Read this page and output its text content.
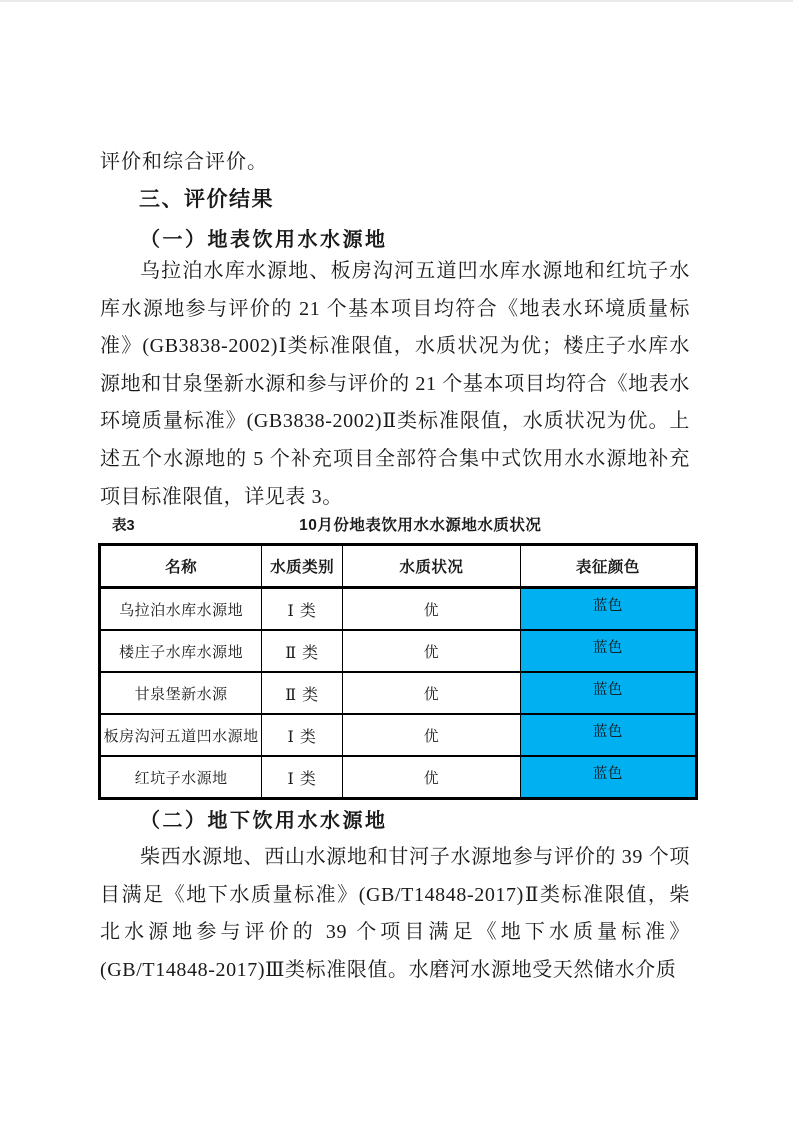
评价和综合评价。

三、评价结果
（一）地表饮用水水源地

乌拉泊水库水源地、板房沟河五道凹水库水源地和红坑子水库水源地参与评价的 21 个基本项目均符合《地表水环境质量标准》(GB3838-2002)Ⅰ类标准限值，水质状况为优；楼庄子水库水源地和甘泉堡新水源和参与评价的 21 个基本项目均符合《地表水环境质量标准》(GB3838-2002)Ⅱ类标准限值，水质状况为优。上述五个水源地的 5 个补充项目全部符合集中式饮用水水源地补充项目标准限值，详见表 3。

表3	10月份地表饮用水水源地水质状况
名称	水质类别	水质状况	表征颜色
乌拉泊水库水源地	Ⅰ 类	优	蓝色
楼庄子水库水源地	Ⅱ 类	优	蓝色
甘泉堡新水源	Ⅱ 类	优	蓝色
板房沟河五道凹水源地	Ⅰ 类	优	蓝色
红坑子水源地	Ⅰ 类	优	蓝色
（二）地下饮用水水源地

柴西水源地、西山水源地和甘河子水源地参与评价的 39 个项目满足《地下水质量标准》(GB/T14848-2017)Ⅱ类标准限值，柴北水源地参与评价的 39 个项目满足《地下水质量标准》(GB/T14848-2017)Ⅲ类标准限值。水磨河水源地受天然储水介质
